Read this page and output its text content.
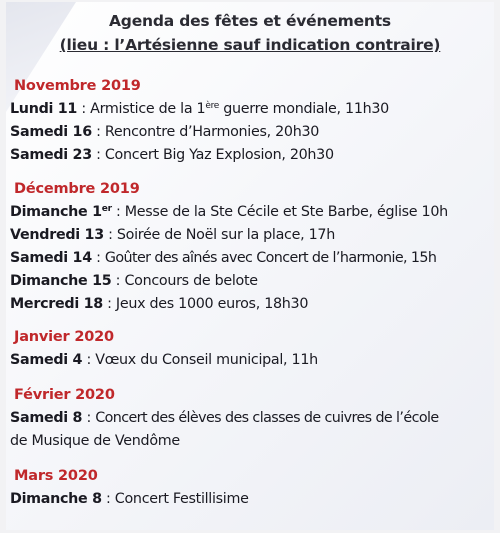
Agenda des fêtes et événements
(lieu : l’Artésienne sauf indication contraire)
Novembre 2019
Lundi 11 : Armistice de la 1ère guerre mondiale, 11h30
Samedi 16 : Rencontre d’Harmonies, 20h30
Samedi 23 : Concert Big Yaz Explosion, 20h30
Décembre 2019
Dimanche 1er : Messe de la Ste Cécile et Ste Barbe, église 10h
Vendredi 13 : Soirée de Noël sur la place, 17h
Samedi 14 : Goûter des aînés avec Concert de l’harmonie, 15h
Dimanche 15 : Concours de belote
Mercredi 18 : Jeux des 1000 euros, 18h30
Janvier 2020
Samedi 4 : Vœux du Conseil municipal, 11h
Février 2020
Samedi 8 : Concert des élèves des classes de cuivres de l’école
de Musique de Vendôme
Mars 2020
Dimanche 8 : Concert Festillisime
